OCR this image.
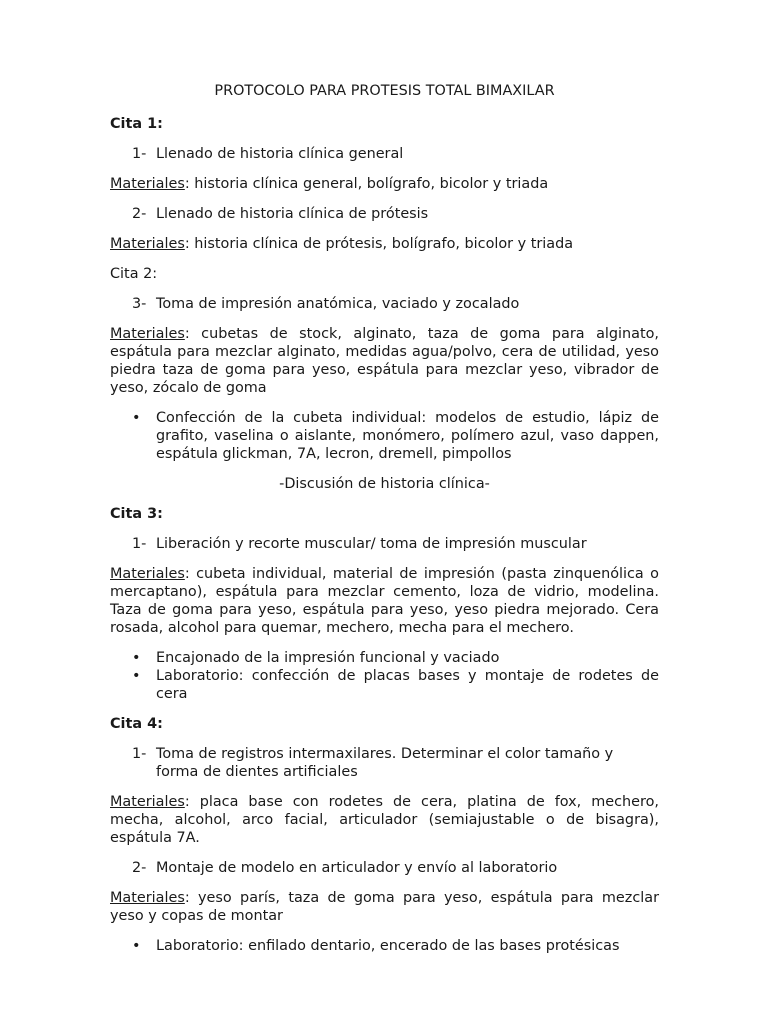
PROTOCOLO PARA PROTESIS TOTAL BIMAXILAR

Cita 1:

1- Llenado de historia clínica general

Materiales: historia clínica general, bolígrafo, bicolor y triada

2- Llenado de historia clínica de prótesis

Materiales: historia clínica de prótesis, bolígrafo, bicolor y triada

Cita 2:

3- Toma de impresión anatómica, vaciado y zocalado

Materiales: cubetas de stock, alginato, taza de goma para alginato, espátula para mezclar alginato, medidas agua/polvo, cera de utilidad, yeso piedra taza de goma para yeso, espátula para mezclar yeso, vibrador de yeso, zócalo de goma

• Confección de la cubeta individual: modelos de estudio, lápiz de grafito, vaselina o aislante, monómero, polímero azul, vaso dappen, espátula glickman, 7A, lecron, dremell, pimpollos

-Discusión de historia clínica-

Cita 3:

1- Liberación y recorte muscular/ toma de impresión muscular

Materiales: cubeta individual, material de impresión (pasta zinquenólica o mercaptano), espátula para mezclar cemento, loza de vidrio, modelina. Taza de goma para yeso, espátula para yeso, yeso piedra mejorado. Cera rosada, alcohol para quemar, mechero, mecha para el mechero.

• Encajonado de la impresión funcional y vaciado
• Laboratorio: confección de placas bases y montaje de rodetes de cera

Cita 4:

1- Toma de registros intermaxilares. Determinar el color tamaño y forma de dientes artificiales

Materiales: placa base con rodetes de cera, platina de fox, mechero, mecha, alcohol, arco facial, articulador (semiajustable o de bisagra), espátula 7A.

2- Montaje de modelo en articulador y envío al laboratorio

Materiales: yeso parís, taza de goma para yeso, espátula para mezclar yeso y copas de montar

• Laboratorio: enfilado dentario, encerado de las bases protésicas
